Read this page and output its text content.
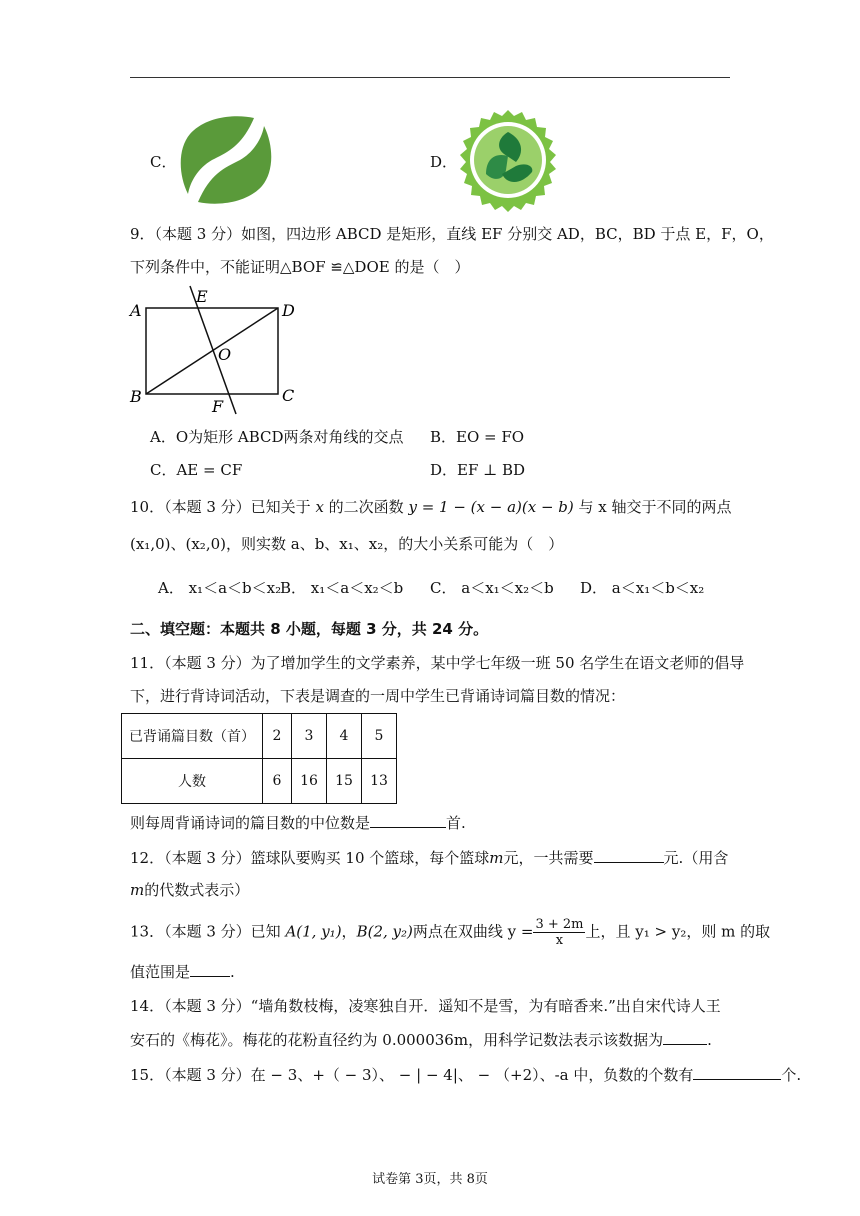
C．	D．
9．（本题 3 分）如图，四边形 ABCD 是矩形，直线 EF 分别交 AD，BC，BD 于点 E，F，O，
下列条件中，不能证明△BOF ≌△DOE 的是（　）
A
B	C
D
E
F
O
A．O为矩形 ABCD两条对角线的交点 B．EO = FO
C．AE = CF	D．EF ⊥ BD
10．（本题 3 分）已知关于 x 的二次函数 y = 1 − (x − a)(x − b) 与 x 轴交于不同的两点
(x₁,0)、(x₂,0)，则实数 a、b、x₁、x₂，的大小关系可能为（　）
A． x₁＜a＜b＜x₂
B． x₁＜a＜x₂＜b C． a＜x₁＜x₂＜b D． a＜x₁＜b＜x₂
二、填空题：本题共 8 小题，每题 3 分，共 24 分。
11．（本题 3 分）为了增加学生的文学素养，某中学七年级一班 50 名学生在语文老师的倡导
下，进行背诗词活动，下表是调查的一周中学生已背诵诗词篇目数的情况：
已背诵篇目数（首）	2	3	4	5
人数	6	16	15	13
则每周背诵诗词的篇目数的中位数是	首.
12．（本题 3 分）篮球队要购买 10 个篮球，每个篮球m元，一共需要	元.（用含
m的代数式表示）
13．（本题 3 分）已知 A(1, y₁)，B(2, y₂)两点在双曲线 $y = \frac{3 + 2m}{x}$ 上，且 y₁ > y₂，则 m 的取
值范围是	.
14．（本题 3 分）“墙角数枝梅，凌寒独自开．遥知不是雪，为有暗香来.”出自宋代诗人王
安石的《梅花》。梅花的花粉直径约为 0.000036m，用科学记数法表示该数据为	.
15．（本题 3 分）在 − 3、+（ − 3）、 − | − 4|、 − （+2）、-a 中，负数的个数有	个.
试卷第 3页，共 8页
